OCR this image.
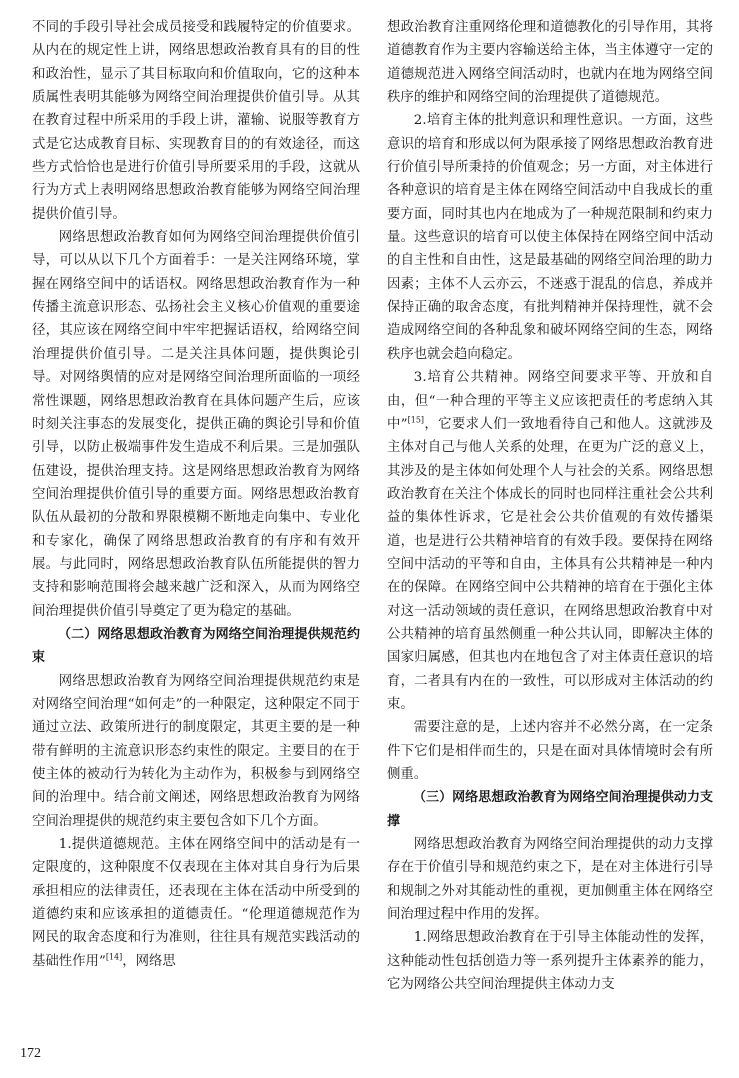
不同的手段引导社会成员接受和践履特定的价值要求。从内在的规定性上讲，网络思想政治教育具有的目的性和政治性，显示了其目标取向和价值取向，它的这种本质属性表明其能够为网络空间治理提供价值引导。从其在教育过程中所采用的手段上讲，灌输、说服等教育方式是它达成教育目标、实现教育目的的有效途径，而这些方式恰恰也是进行价值引导所要采用的手段，这就从行为方式上表明网络思想政治教育能够为网络空间治理提供价值引导。

网络思想政治教育如何为网络空间治理提供价值引导，可以从以下几个方面着手：一是关注网络环境，掌握在网络空间中的话语权。网络思想政治教育作为一种传播主流意识形态、弘扬社会主义核心价值观的重要途径，其应该在网络空间中牢牢把握话语权，给网络空间治理提供价值引导。二是关注具体问题，提供舆论引导。对网络舆情的应对是网络空间治理所面临的一项经常性课题，网络思想政治教育在具体问题产生后，应该时刻关注事态的发展变化，提供正确的舆论引导和价值引导，以防止极端事件发生造成不利后果。三是加强队伍建设，提供治理支持。这是网络思想政治教育为网络空间治理提供价值引导的重要方面。网络思想政治教育队伍从最初的分散和界限模糊不断地走向集中、专业化和专家化，确保了网络思想政治教育的有序和有效开展。与此同时，网络思想政治教育队伍所能提供的智力支持和影响范围将会越来越广泛和深入，从而为网络空间治理提供价值引导奠定了更为稳定的基础。

（二）网络思想政治教育为网络空间治理提供规范约束

网络思想政治教育为网络空间治理提供规范约束是对网络空间治理“如何走”的一种限定，这种限定不同于通过立法、政策所进行的制度限定，其更主要的是一种带有鲜明的主流意识形态约束性的限定。主要目的在于使主体的被动行为转化为主动作为，积极参与到网络空间的治理中。结合前文阐述，网络思想政治教育为网络空间治理提供的规范约束主要包含如下几个方面。

1.提供道德规范。主体在网络空间中的活动是有一定限度的，这种限度不仅表现在主体对其自身行为后果承担相应的法律责任，还表现在主体在活动中所受到的道德约束和应该承担的道德责任。“伦理道德规范作为网民的取舍态度和行为准则，往往具有规范实践活动的基础性作用”[14]，网络思

想政治教育注重网络伦理和道德教化的引导作用，其将道德教育作为主要内容输送给主体，当主体遵守一定的道德规范进入网络空间活动时，也就内在地为网络空间秩序的维护和网络空间的治理提供了道德规范。

2.培育主体的批判意识和理性意识。一方面，这些意识的培育和形成以何为限承接了网络思想政治教育进行价值引导所秉持的价值观念；另一方面，对主体进行各种意识的培育是主体在网络空间活动中自我成长的重要方面，同时其也内在地成为了一种规范限制和约束力量。这些意识的培育可以使主体保持在网络空间中活动的自主性和自由性，这是最基础的网络空间治理的助力因素；主体不人云亦云，不迷惑于混乱的信息，养成并保持正确的取舍态度，有批判精神并保持理性，就不会造成网络空间的各种乱象和破坏网络空间的生态，网络秩序也就会趋向稳定。

3.培育公共精神。网络空间要求平等、开放和自由，但“一种合理的平等主义应该把责任的考虑纳入其中”[15]，它要求人们一致地看待自己和他人。这就涉及主体对自己与他人关系的处理，在更为广泛的意义上，其涉及的是主体如何处理个人与社会的关系。网络思想政治教育在关注个体成长的同时也同样注重社会公共利益的集体性诉求，它是社会公共价值观的有效传播渠道，也是进行公共精神培育的有效手段。要保持在网络空间中活动的平等和自由，主体具有公共精神是一种内在的保障。在网络空间中公共精神的培育在于强化主体对这一活动领域的责任意识，在网络思想政治教育中对公共精神的培育虽然侧重一种公共认同，即解决主体的国家归属感，但其也内在地包含了对主体责任意识的培育，二者具有内在的一致性，可以形成对主体活动的约束。

需要注意的是，上述内容并不必然分离，在一定条件下它们是相伴而生的，只是在面对具体情境时会有所侧重。

（三）网络思想政治教育为网络空间治理提供动力支撑

网络思想政治教育为网络空间治理提供的动力支撑存在于价值引导和规范约束之下，是在对主体进行引导和规制之外对其能动性的重视，更加侧重主体在网络空间治理过程中作用的发挥。

1.网络思想政治教育在于引导主体能动性的发挥，这种能动性包括创造力等一系列提升主体素养的能力，它为网络公共空间治理提供主体动力支

172
